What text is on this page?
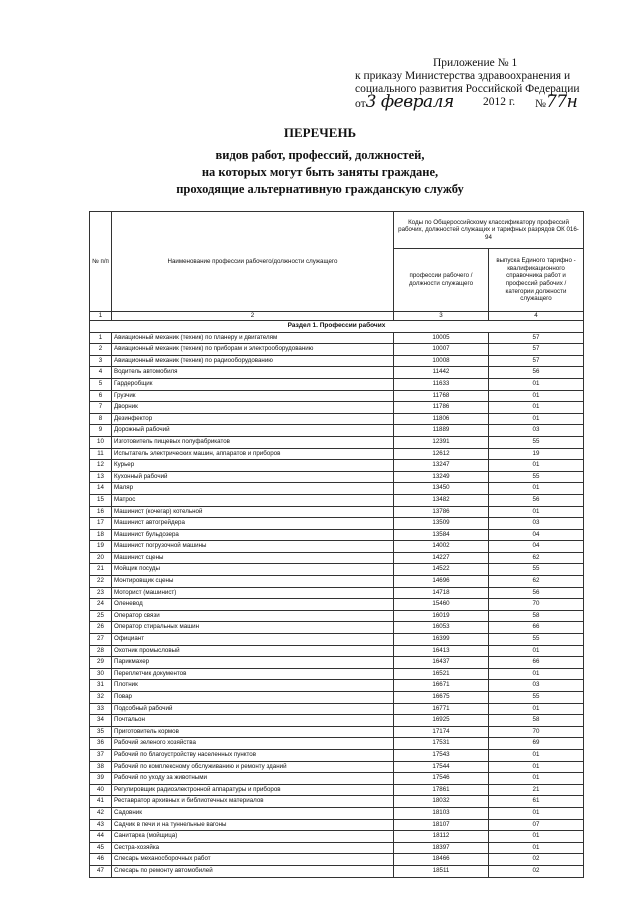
Приложение № 1
к приказу Министерства здравоохранения и
социального развития Российской Федерации
от3 февраля	2012 г. №77н
ПЕРЕЧЕНЬ
видов работ, профессий, должностей,
на которых могут быть заняты граждане,
проходящие альтернативную гражданскую службу
№ п/п	Наименование профессии рабочего/должности служащего	Коды по Общероссийскому классификатору профессий рабочих, должностей служащих и тарифных разрядов ОК 016-94	
		профессии рабочего / должности служащего	выпуска Единого тарифно - квалификационного справочника работ и профессий рабочих / категории должности служащего
1	2	3	4
Раздел 1. Профессии рабочих			
1	Авиационный механик (техник) по планеру и двигателям	10005	57
2	Авиационный механик (техник) по приборам и электрооборудованию	10007	57
3	Авиационный механик (техник) по радиооборудованию	10008	57
4	Водитель автомобиля	11442	56
5	Гардеробщик	11633	01
6	Грузчик	11768	01
7	Дворник	11786	01
8	Дезинфектор	11806	01
9	Дорожный рабочий	11889	03
10	Изготовитель пищевых полуфабрикатов	12391	55
11	Испытатель электрических машин, аппаратов и приборов	12612	19
12	Курьер	13247	01
13	Кухонный рабочий	13249	55
14	Маляр	13450	01
15	Матрос	13482	56
16	Машинист (кочегар) котельной	13786	01
17	Машинист автогрейдера	13509	03
18	Машинист бульдозера	13584	04
19	Машинист погрузочной машины	14002	04
20	Машинист сцены	14227	62
21	Мойщик посуды	14522	55
22	Монтировщик сцены	14696	62
23	Моторист (машинист)	14718	56
24	Оленевод	15460	70
25	Оператор связи	16019	58
26	Оператор стиральных машин	16053	66
27	Официант	16399	55
28	Охотник промысловый	16413	01
29	Парикмахер	16437	66
30	Переплетчик документов	16521	01
31	Плотник	16671	03
32	Повар	16675	55
33	Подсобный рабочий	16771	01
34	Почтальон	16925	58
35	Приготовитель кормов	17174	70
36	Рабочий зеленого хозяйства	17531	69
37	Рабочий по благоустройству населенных пунктов	17543	01
38	Рабочий по комплексному обслуживанию и ремонту зданий	17544	01
39	Рабочий по уходу за животными	17546	01
40	Регулировщик радиоэлектронной аппаратуры и приборов	17861	21
41	Реставратор архивных и библиотечных материалов	18032	61
42	Садовник	18103	01
43	Садчик в печи и на туннельные вагоны	18107	07
44	Санитарка (мойщица)	18112	01
45	Сестра-хозяйка	18397	01
46	Слесарь механосборочных работ	18466	02
47	Слесарь по ремонту автомобилей	18511	02
